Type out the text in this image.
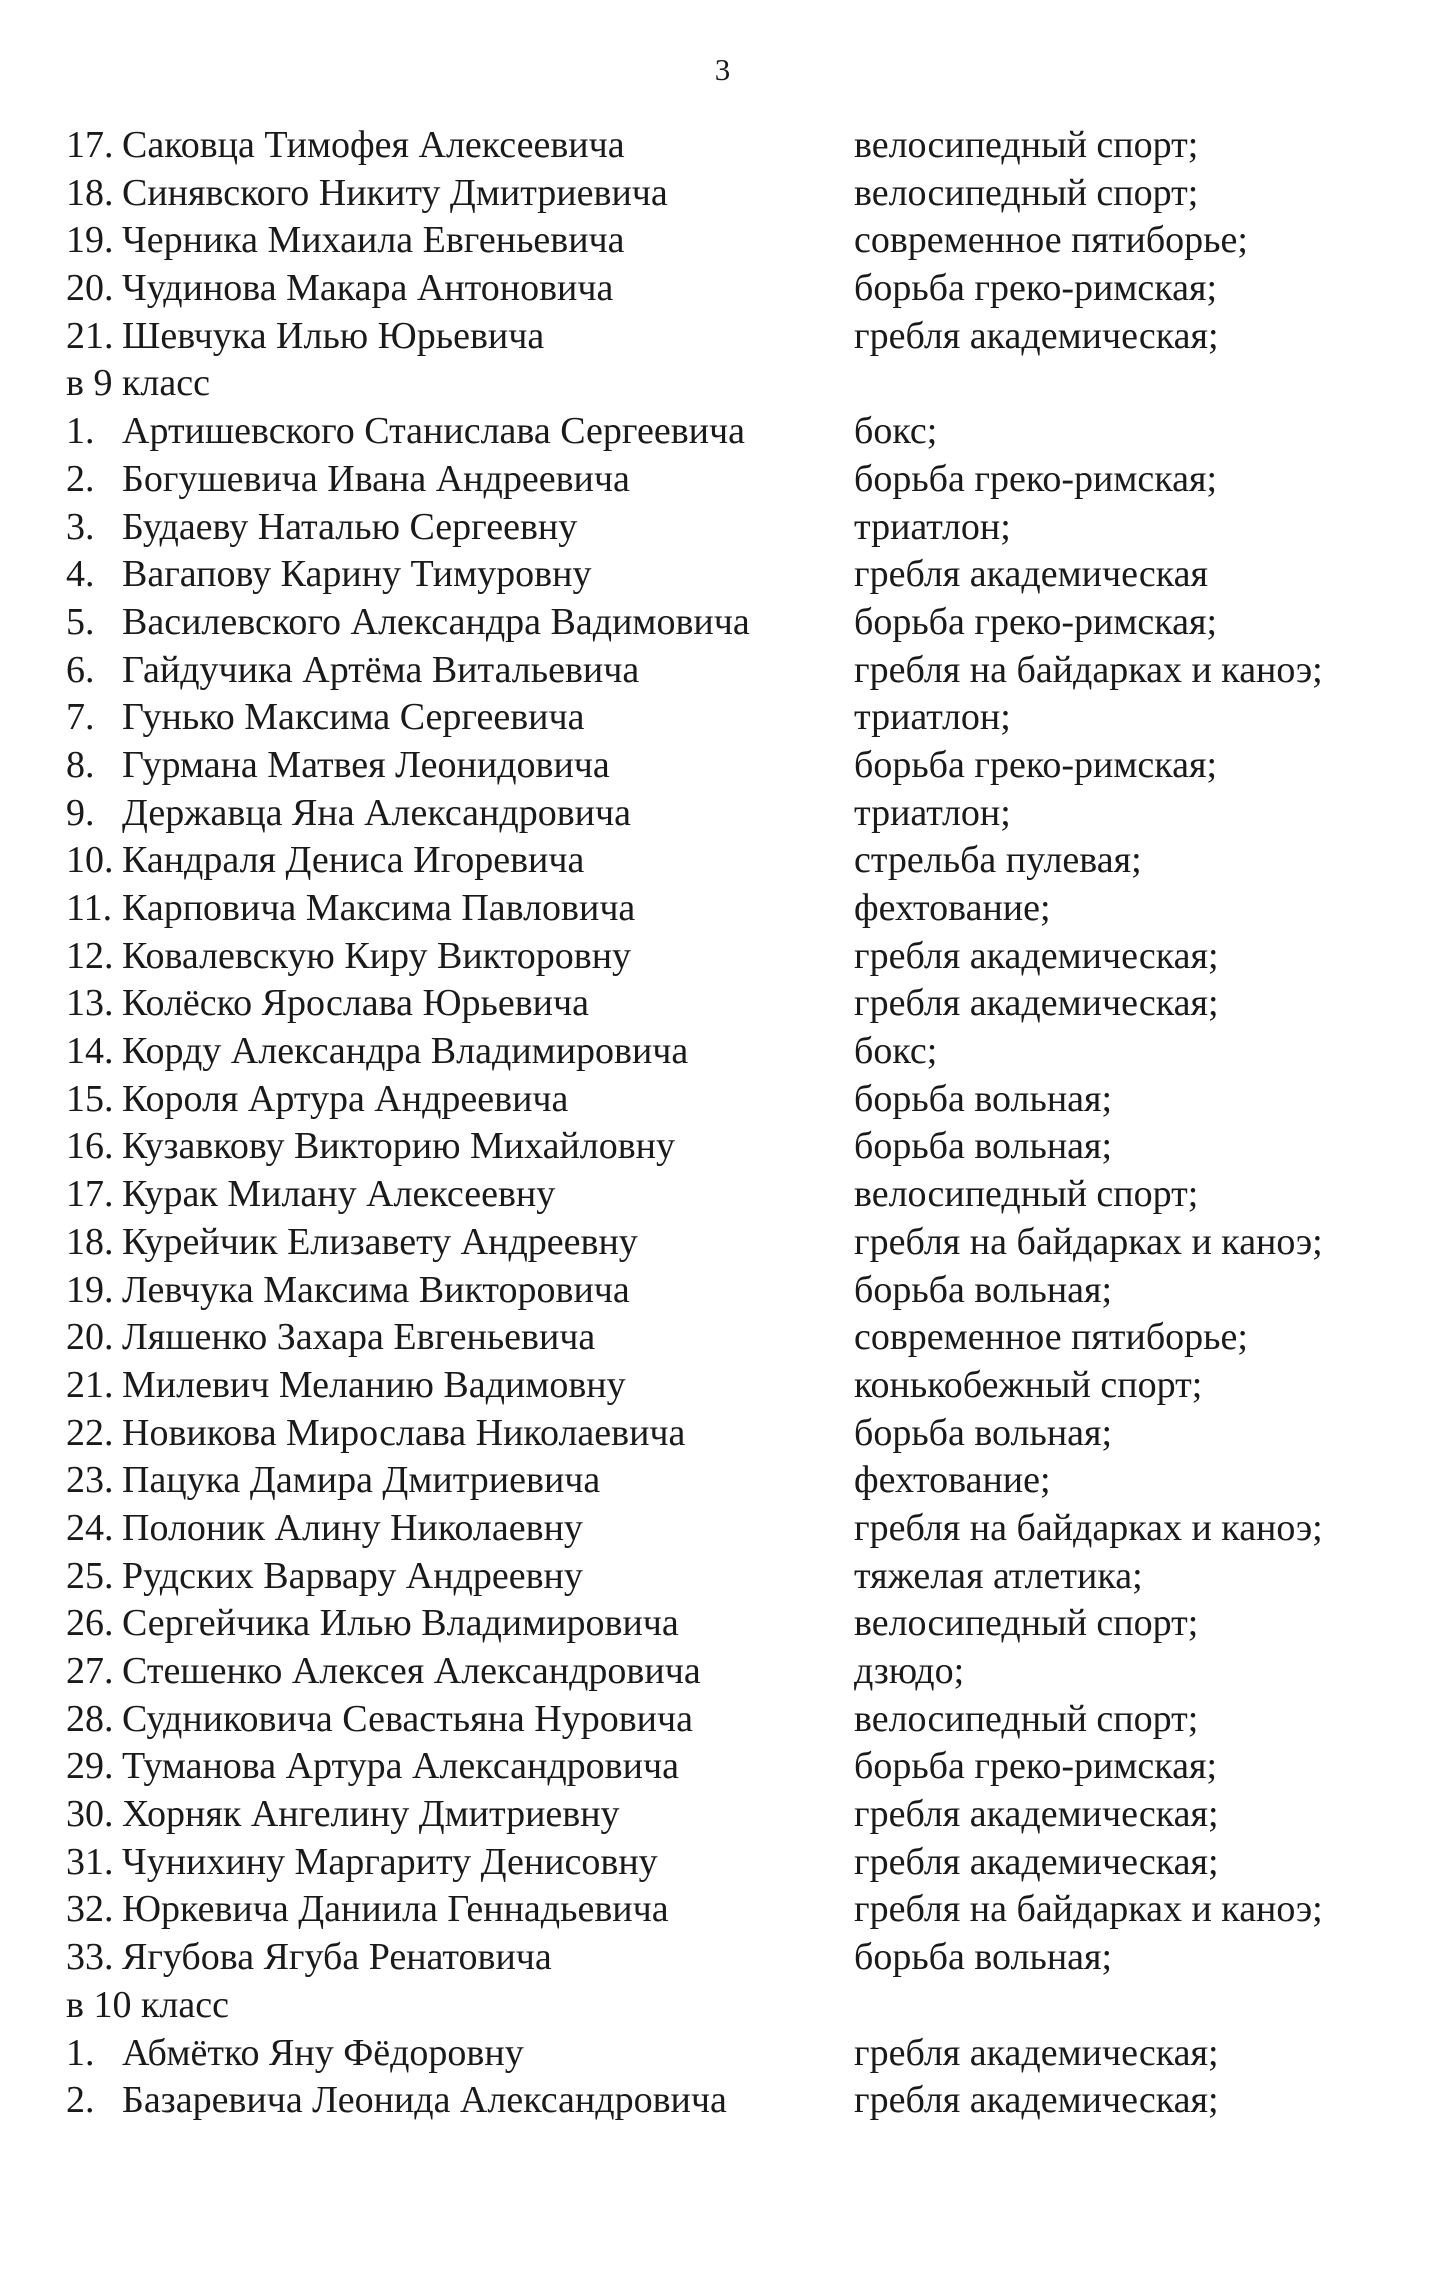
3
17. Саковца Тимофея Алексеевича	велосипедный спорт;
18. Синявского Никиту Дмитриевича	велосипедный спорт;
19. Черника Михаила Евгеньевича	современное пятиборье;
20. Чудинова Макара Антоновича	борьба греко-римская;
21. Шевчука Илью Юрьевича	гребля академическая;
в 9 класс
1. Артишевского Станислава Сергеевича	бокс;
2. Богушевича Ивана Андреевича	борьба греко-римская;
3. Будаеву Наталью Сергеевну	триатлон;
4. Вагапову Карину Тимуровну	гребля академическая
5. Василевского Александра Вадимовича	борьба греко-римская;
6. Гайдучика Артёма Витальевича	гребля на байдарках и каноэ;
7. Гунько Максима Сергеевича	триатлон;
8. Гурмана Матвея Леонидовича	борьба греко-римская;
9. Державца Яна Александровича	триатлон;
10. Кандраля Дениса Игоревича	стрельба пулевая;
11. Карповича Максима Павловича	фехтование;
12. Ковалевскую Киру Викторовну	гребля академическая;
13. Колёско Ярослава Юрьевича	гребля академическая;
14. Корду Александра Владимировича	бокс;
15. Короля Артура Андреевича	борьба вольная;
16. Кузавкову Викторию Михайловну	борьба вольная;
17. Курак Милану Алексеевну	велосипедный спорт;
18. Курейчик Елизавету Андреевну	гребля на байдарках и каноэ;
19. Левчука Максима Викторовича	борьба вольная;
20. Ляшенко Захара Евгеньевича	современное пятиборье;
21. Милевич Меланию Вадимовну	конькобежный спорт;
22. Новикова Мирослава Николаевича	борьба вольная;
23. Пацука Дамира Дмитриевича	фехтование;
24. Полоник Алину Николаевну	гребля на байдарках и каноэ;
25. Рудских Варвару Андреевну	тяжелая атлетика;
26. Сергейчика Илью Владимировича	велосипедный спорт;
27. Стешенко Алексея Александровича	дзюдо;
28. Судниковича Севастьяна Нуровича	велосипедный спорт;
29. Туманова Артура Александровича	борьба греко-римская;
30. Хорняк Ангелину Дмитриевну	гребля академическая;
31. Чунихину Маргариту Денисовну	гребля академическая;
32. Юркевича Даниила Геннадьевича	гребля на байдарках и каноэ;
33. Ягубова Ягуба Ренатовича	борьба вольная;
в 10 класс
1. Абмётко Яну Фёдоровну	гребля академическая;
2. Базаревича Леонида Александровича	гребля академическая;
